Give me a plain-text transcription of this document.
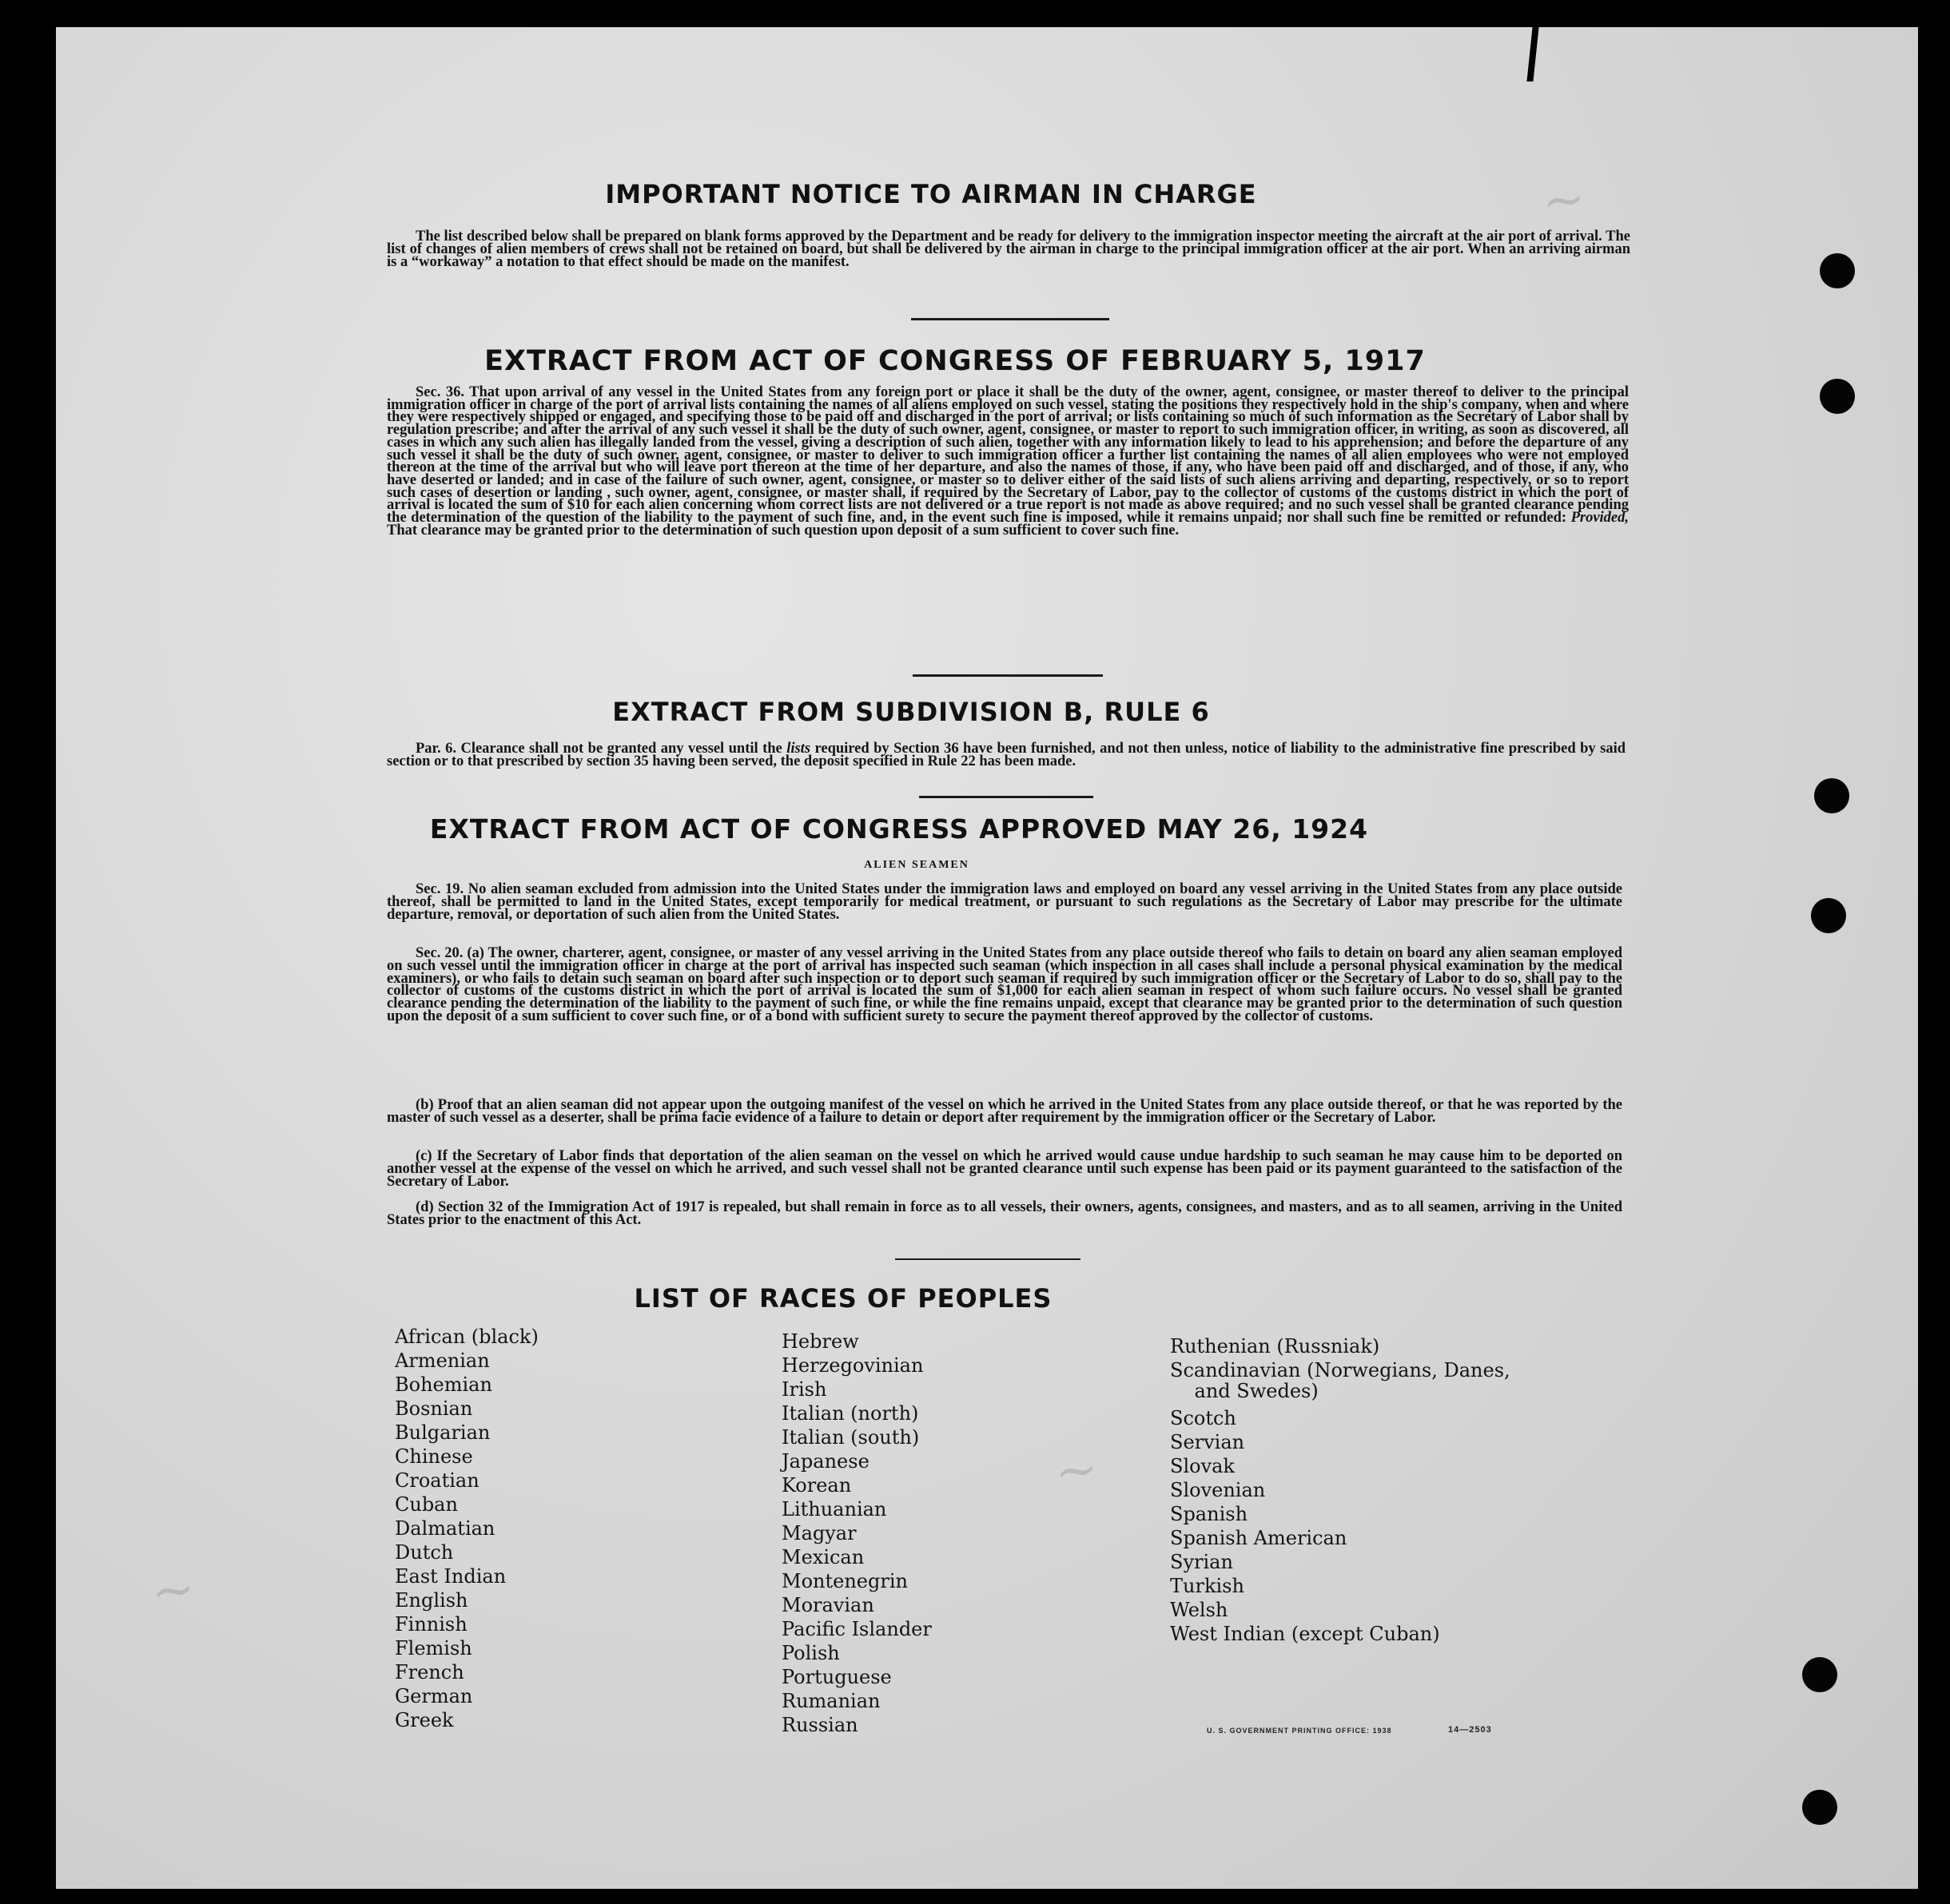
~
~
~
IMPORTANT NOTICE TO AIRMAN IN CHARGE
The list described below shall be prepared on blank forms approved by the Department and be ready for delivery to the immigration inspector meeting the aircraft at the air port of arrival. The list of changes of alien members of crews shall not be retained on board, but shall be delivered by the airman in charge to the principal immigration officer at the air port. When an arriving airman is a “workaway” a notation to that effect should be made on the manifest.
EXTRACT FROM ACT OF CONGRESS OF FEBRUARY 5, 1917
Sec. 36. That upon arrival of any vessel in the United States from any foreign port or place it shall be the duty of the owner, agent, consignee, or master thereof to deliver to the principal immigration officer in charge of the port of arrival lists containing the names of all aliens employed on such vessel, stating the positions they respectively hold in the ship's company, when and where they were respectively shipped or engaged, and specifying those to be paid off and discharged in the port of arrival; or lists containing so much of such information as the Secretary of Labor shall by regulation prescribe; and after the arrival of any such vessel it shall be the duty of such owner, agent, consignee, or master to report to such immigration officer, in writing, as soon as discovered, all cases in which any such alien has illegally landed from the vessel, giving a description of such alien, together with any information likely to lead to his apprehension; and before the departure of any such vessel it shall be the duty of such owner, agent, consignee, or master to deliver to such immigration officer a further list containing the names of all alien employees who were not employed thereon at the time of the arrival but who will leave port thereon at the time of her departure, and also the names of those, if any, who have been paid off and discharged, and of those, if any, who have deserted or landed; and in case of the failure of such owner, agent, consignee, or master so to deliver either of the said lists of such aliens arriving and departing, respectively, or so to report such cases of desertion or landing , such owner, agent, consignee, or master shall, if required by the Secretary of Labor, pay to the collector of customs of the customs district in which the port of arrival is located the sum of $10 for each alien concerning whom correct lists are not delivered or a true report is not made as above required; and no such vessel shall be granted clearance pending the determination of the question of the liability to the payment of such fine, and, in the event such fine is imposed, while it remains unpaid; nor shall such fine be remitted or refunded: Provided, That clearance may be granted prior to the determination of such question upon deposit of a sum sufficient to cover such fine.
EXTRACT FROM SUBDIVISION B, RULE 6
Par. 6. Clearance shall not be granted any vessel until the lists required by Section 36 have been furnished, and not then unless, notice of liability to the administrative fine prescribed by said section or to that prescribed by section 35 having been served, the deposit specified in Rule 22 has been made.
EXTRACT FROM ACT OF CONGRESS APPROVED MAY 26, 1924
ALIEN SEAMEN
Sec. 19. No alien seaman excluded from admission into the United States under the immigration laws and employed on board any vessel arriving in the United States from any place outside thereof, shall be permitted to land in the United States, except temporarily for medical treatment, or pursuant to such regulations as the Secretary of Labor may prescribe for the ultimate departure, removal, or deportation of such alien from the United States.
Sec. 20. (a) The owner, charterer, agent, consignee, or master of any vessel arriving in the United States from any place outside thereof who fails to detain on board any alien seaman employed on such vessel until the immigration officer in charge at the port of arrival has inspected such seaman (which inspection in all cases shall include a personal physical examination by the medical examiners), or who fails to detain such seaman on board after such inspection or to deport such seaman if required by such immigration officer or the Secretary of Labor to do so, shall pay to the collector of customs of the customs district in which the port of arrival is located the sum of $1,000 for each alien seaman in respect of whom such failure occurs. No vessel shall be granted clearance pending the determination of the liability to the payment of such fine, or while the fine remains unpaid, except that clearance may be granted prior to the determination of such question upon the deposit of a sum sufficient to cover such fine, or of a bond with sufficient surety to secure the payment thereof approved by the collector of customs.
(b) Proof that an alien seaman did not appear upon the outgoing manifest of the vessel on which he arrived in the United States from any place outside thereof, or that he was reported by the master of such vessel as a deserter, shall be prima facie evidence of a failure to detain or deport after requirement by the immigration officer or the Secretary of Labor.
(c) If the Secretary of Labor finds that deportation of the alien seaman on the vessel on which he arrived would cause undue hardship to such seaman he may cause him to be deported on another vessel at the expense of the vessel on which he arrived, and such vessel shall not be granted clearance until such expense has been paid or its payment guaranteed to the satisfaction of the Secretary of Labor.
(d) Section 32 of the Immigration Act of 1917 is repealed, but shall remain in force as to all vessels, their owners, agents, consignees, and masters, and as to all seamen, arriving in the United States prior to the enactment of this Act.
LIST OF RACES OF PEOPLES
African (black)
Armenian
Bohemian
Bosnian
Bulgarian
Chinese
Croatian
Cuban
Dalmatian
Dutch
East Indian
English
Finnish
Flemish
French
German
Greek
Hebrew
Herzegovinian
Irish
Italian (north)
Italian (south)
Japanese
Korean
Lithuanian
Magyar
Mexican
Montenegrin
Moravian
Pacific Islander
Polish
Portuguese
Rumanian
Russian
Ruthenian (Russniak)
Scandinavian (Norwegians, Danes,
and Swedes)
Scotch
Servian
Slovak
Slovenian
Spanish
Spanish American
Syrian
Turkish
Welsh
West Indian (except Cuban)
U. S. GOVERNMENT PRINTING OFFICE: 1938	14—2503
